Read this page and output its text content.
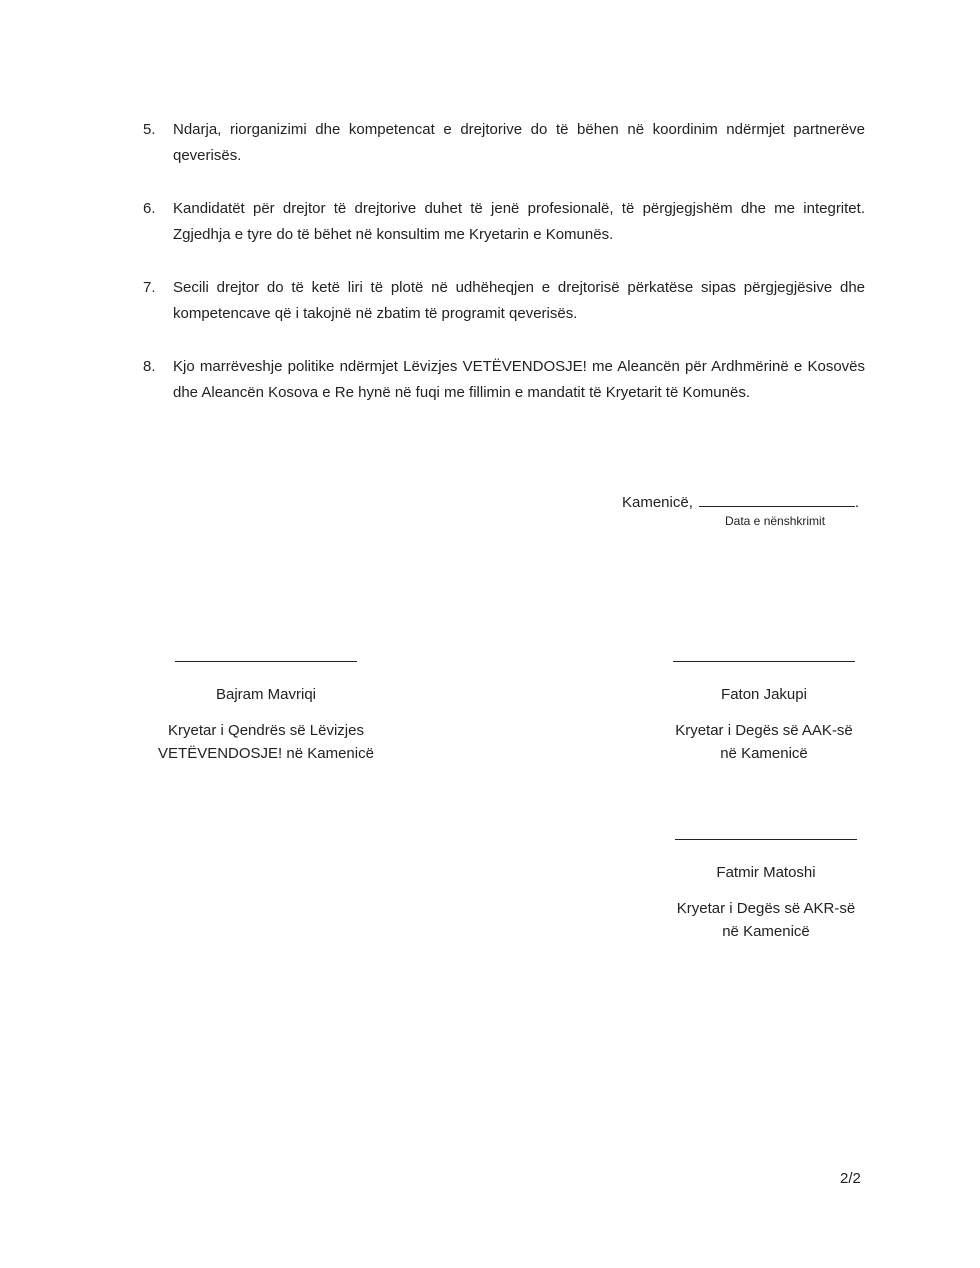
5.	Ndarja, riorganizimi dhe kompetencat e drejtorive do të bëhen në koordinim ndërmjet partnerëve qeverisës.
6.	Kandidatët për drejtor të drejtorive duhet të jenë profesionalë, të përgjegjshëm dhe me integritet. Zgjedhja e tyre do të bëhet në konsultim me Kryetarin e Komunës.
7.	Secili drejtor do të ketë liri të plotë në udhëheqjen e drejtorisë përkatëse sipas përgjegjësive dhe kompetencave që i takojnë në zbatim të programit qeverisës.
8.	Kjo marrëveshje politike ndërmjet Lëvizjes VETËVENDOSJE! me Aleancën për Ardhmërinë e Kosovës dhe Aleancën Kosova e Re hynë në fuqi me fillimin e mandatit të Kryetarit të Komunës.
Kamenicë,	.
Data e nënshkrimit
Bajram Mavriqi
Kryetar i Qendrës së Lëvizjes
VETËVENDOSJE! në Kamenicë
Faton Jakupi
Kryetar i Degës së AAK-së
në Kamenicë
Fatmir Matoshi
Kryetar i Degës së AKR-së
në Kamenicë
2/2
